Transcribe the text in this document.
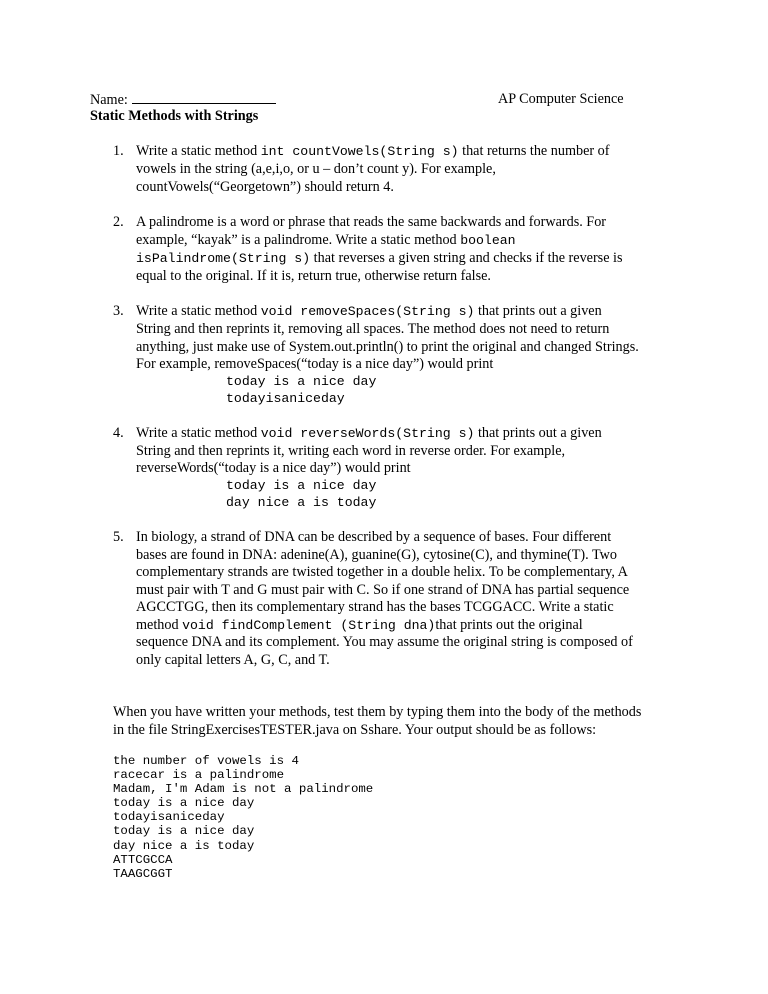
Name:	AP Computer Science
Static Methods with Strings
1. Write a static method int countVowels(String s) that returns the number of
vowels in the string (a,e,i,o, or u – don’t count y). For example,
countVowels(“Georgetown”) should return 4.
2. A palindrome is a word or phrase that reads the same backwards and forwards. For
example, “kayak” is a palindrome. Write a static method boolean
isPalindrome(String s) that reverses a given string and checks if the reverse is
equal to the original. If it is, return true, otherwise return false.
3. Write a static method void removeSpaces(String s) that prints out a given
String and then reprints it, removing all spaces. The method does not need to return
anything, just make use of System.out.println() to print the original and changed Strings.
For example, removeSpaces(“today is a nice day”) would print
today is a nice day
todayisaniceday
4. Write a static method void reverseWords(String s) that prints out a given
String and then reprints it, writing each word in reverse order. For example,
reverseWords(“today is a nice day”) would print
today is a nice day
day nice a is today
5. In biology, a strand of DNA can be described by a sequence of bases. Four different
bases are found in DNA: adenine(A), guanine(G), cytosine(C), and thymine(T). Two
complementary strands are twisted together in a double helix. To be complementary, A
must pair with T and G must pair with C. So if one strand of DNA has partial sequence
AGCCTGG, then its complementary strand has the bases TCGGACC. Write a static
method void findComplement (String dna)that prints out the original
sequence DNA and its complement. You may assume the original string is composed of
only capital letters A, G, C, and T.
When you have written your methods, test them by typing them into the body of the methods
in the file StringExercisesTESTER.java on Sshare. Your output should be as follows:
the number of vowels is 4
racecar is a palindrome
Madam, I'm Adam is not a palindrome
today is a nice day
todayisaniceday
today is a nice day
day nice a is today
ATTCGCCA
TAAGCGGT
